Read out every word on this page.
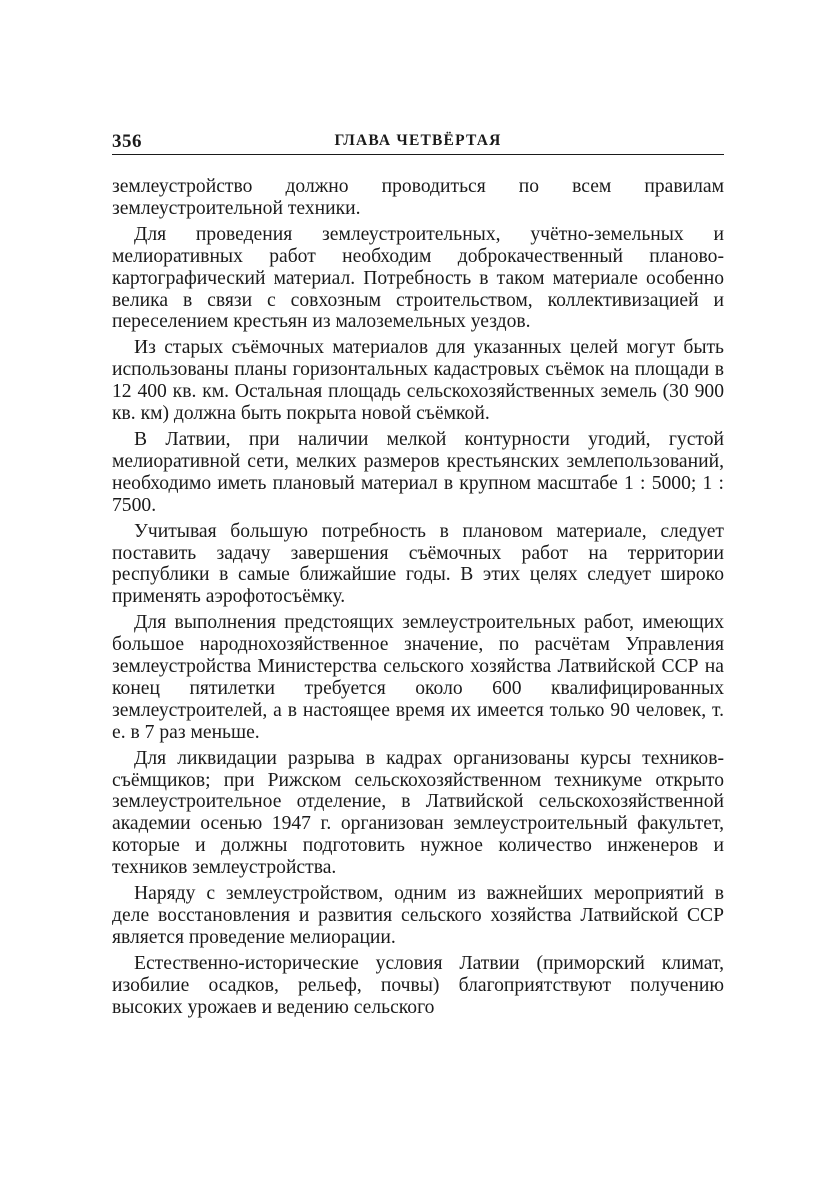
356	ГЛАВА ЧЕТВЁРТАЯ

землеустройство должно проводиться по всем правилам землеустроительной техники.

Для проведения землеустроительных, учётно-земельных и мелиоративных работ необходим доброкачественный планово-картографический материал. Потребность в таком материале особенно велика в связи с совхозным строительством, коллективизацией и переселением крестьян из малоземельных уездов.

Из старых съёмочных материалов для указанных целей могут быть использованы планы горизонтальных кадастровых съёмок на площади в 12 400 кв. км. Остальная площадь сельскохозяйственных земель (30 900 кв. км) должна быть покрыта новой съёмкой.

В Латвии, при наличии мелкой контурности угодий, густой мелиоративной сети, мелких размеров крестьянских землепользований, необходимо иметь плановый материал в крупном масштабе 1 : 5000; 1 : 7500.

Учитывая большую потребность в плановом материале, следует поставить задачу завершения съёмочных работ на территории республики в самые ближайшие годы. В этих целях следует широко применять аэрофотосъёмку.

Для выполнения предстоящих землеустроительных работ, имеющих большое народнохозяйственное значение, по расчётам Управления землеустройства Министерства сельского хозяйства Латвийской ССР на конец пятилетки требуется около 600 квалифицированных землеустроителей, а в настоящее время их имеется только 90 человек, т. е. в 7 раз меньше.

Для ликвидации разрыва в кадрах организованы курсы техников-съёмщиков; при Рижском сельскохозяйственном техникуме открыто землеустроительное отделение, в Латвийской сельскохозяйственной академии осенью 1947 г. организован землеустроительный факультет, которые и должны подготовить нужное количество инженеров и техников землеустройства.

Наряду с землеустройством, одним из важнейших мероприятий в деле восстановления и развития сельского хозяйства Латвийской ССР является проведение мелиорации.

Естественно-исторические условия Латвии (приморский климат, изобилие осадков, рельеф, почвы) благоприятствуют получению высоких урожаев и ведению сельского
